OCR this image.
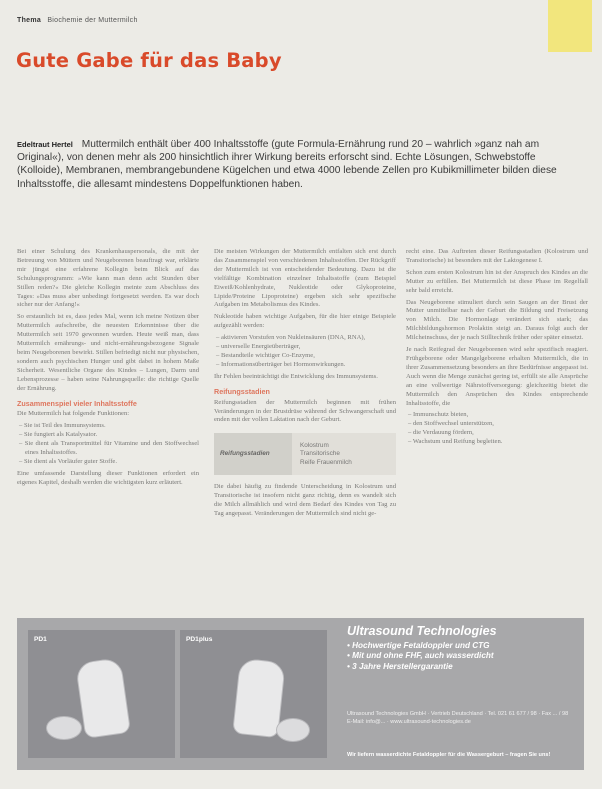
Thema Biochemie der Muttermilch
Gute Gabe für das Baby
Edeltraut Hertel Muttermilch enthält über 400 Inhaltsstoffe (gute Formula-Ernährung rund 20 – wahrlich »ganz nah am Original«), von denen mehr als 200 hinsichtlich ihrer Wirkung bereits erforscht sind. Echte Lösungen, Schwebstoffe (Kolloide), Membranen, membrangebundene Kügelchen und etwa 4000 lebende Zellen pro Kubikmillimeter bilden diese Inhaltsstoffe, die allesamt mindestens Doppelfunktionen haben.

Bei einer Schulung des Krankenhauspersonals, die mit der Betreuung von Müttern und Neugeborenen beauftragt war, erklärte mir jüngst eine erfahrene Kollegin beim Blick auf das Schulungsprogramm: »Wie kann man denn acht Stunden über Stillen reden?« Die gleiche Kollegin meinte zum Abschluss des Tages: »Das muss aber unbedingt fortgesetzt werden. Es war doch sicher nur der Anfang!«

So erstaunlich ist es, dass jedes Mal, wenn ich meine Notizen über Muttermilch aufschreibe, die neuesten Erkenntnisse über die Muttermilch seit 1970 gewonnen wurden. Heute weiß man, dass Muttermilch ernährungs- und nicht-ernährungsbezogene Signale beim Neugeborenen bewirkt. Stillen befriedigt nicht nur physischen, sondern auch psychischen Hunger und gibt dabei in hohem Maße Sicherheit. Wesentliche Organe des Kindes – Lungen, Darm und Lebensprozesse – haben seine Nahrungsquelle: die richtige Quelle der Ernährung.

Zusammenspiel vieler Inhaltsstoffe

Die Muttermilch hat folgende Funktionen:

– Sie ist Teil des Immunsystems.
– Sie fungiert als Katalysator.
– Sie dient als Transportmittel für Vitamine und den Stoffwechsel eines Inhaltsstoffes.
– Sie dient als Vorläufer guter Stoffe.

Eine umfassende Darstellung dieser Funktionen erfordert ein eigenes Kapitel, deshalb werden die wichtigsten kurz erläutert.

Die meisten Wirkungen der Muttermilch entfalten sich erst durch das Zusammenspiel von verschiedenen Inhaltsstoffen. Der Rückgriff der Muttermilch ist von entscheidender Bedeutung. Dazu ist die vielfältige Kombination einzelner Inhaltsstoffe (zum Beispiel Eiweiß/Kohlenhydrate, Nukleotide oder Glykoproteine, Lipide/Proteine Lipoproteine) ergeben sich sehr spezifische Aufgaben im Metabolismus des Kindes.

Nukleotide haben wichtige Aufgaben, für die hier einige Beispiele aufgezählt werden:

– aktivieren Vorstufen von Nukleinsäuren (DNA, RNA),
– universelle Energieüberträger,
– Bestandteile wichtiger Co-Enzyme,
– Informationsüberträger bei Hormonwirkungen.

Ihr Fehlen beeinträchtigt die Entwicklung des Immunsystems.

Reifungsstadien

Reifungsstadien der Muttermilch beginnen mit frühen Veränderungen in der Brustdrüse während der Schwangerschaft und enden mit der vollen Laktation nach der Geburt.

Reifungsstadien
Kolostrum
Transitorische
Reife Frauenmilch

Die dabei häufig zu findende Unterscheidung in Kolostrum und Transitorische ist insofern nicht ganz richtig, denn es wandelt sich die Milch allmählich und wird dem Bedarf des Kindes von Tag zu Tag angepasst. Veränderungen der Muttermilch sind nicht ge-

recht eine. Das Auftreten dieser Reifungsstadien (Kolostrum und Transitorische) ist besonders mit der Laktogenese I.

Schon zum ersten Kolostrum hin ist der Anspruch des Kindes an die Mutter zu erfüllen. Bei Muttermilch ist diese Phase im Regelfall sehr bald erreicht.

Das Neugeborene stimuliert durch sein Saugen an der Brust der Mutter unmittelbar nach der Geburt die Bildung und Freisetzung von Milch. Die Hormonlage verändert sich stark; das Milchbildungshormon Prolaktin steigt an. Daraus folgt auch der Milcheinschuss, der je nach Stilltechnik früher oder später einsetzt.

Je nach Reifegrad der Neugeborenen wird sehr spezifisch reagiert. Frühgeborene oder Mangelgeborene erhalten Muttermilch, die in ihrer Zusammensetzung besonders an ihre Bedürfnisse angepasst ist. Auch wenn die Menge zunächst gering ist, erfüllt sie alle Ansprüche an eine vollwertige Nährstoffversorgung: gleichzeitig bietet die Muttermilch den Ansprüchen des Kindes entsprechende Inhaltsstoffe, die

– Immunschutz bieten,
– den Stoffwechsel unterstützen,
– die Verdauung fördern,
– Wachstum und Reifung begleiten.
PD1	PD1plus
Ultrasound Technologies
• Hochwertige Fetaldoppler und CTG
• Mit und ohne FHF, auch wasserdicht
• 3 Jahre Herstellergarantie
Ultrasound Technologies GmbH · Vertrieb Deutschland · Tel. 021 61 677 / 98 · Fax ... / 98
E-Mail: info@... · www.ultrasound-technologies.de
Wir liefern wasserdichte Fetaldoppler für die Wassergeburt – fragen Sie uns!
